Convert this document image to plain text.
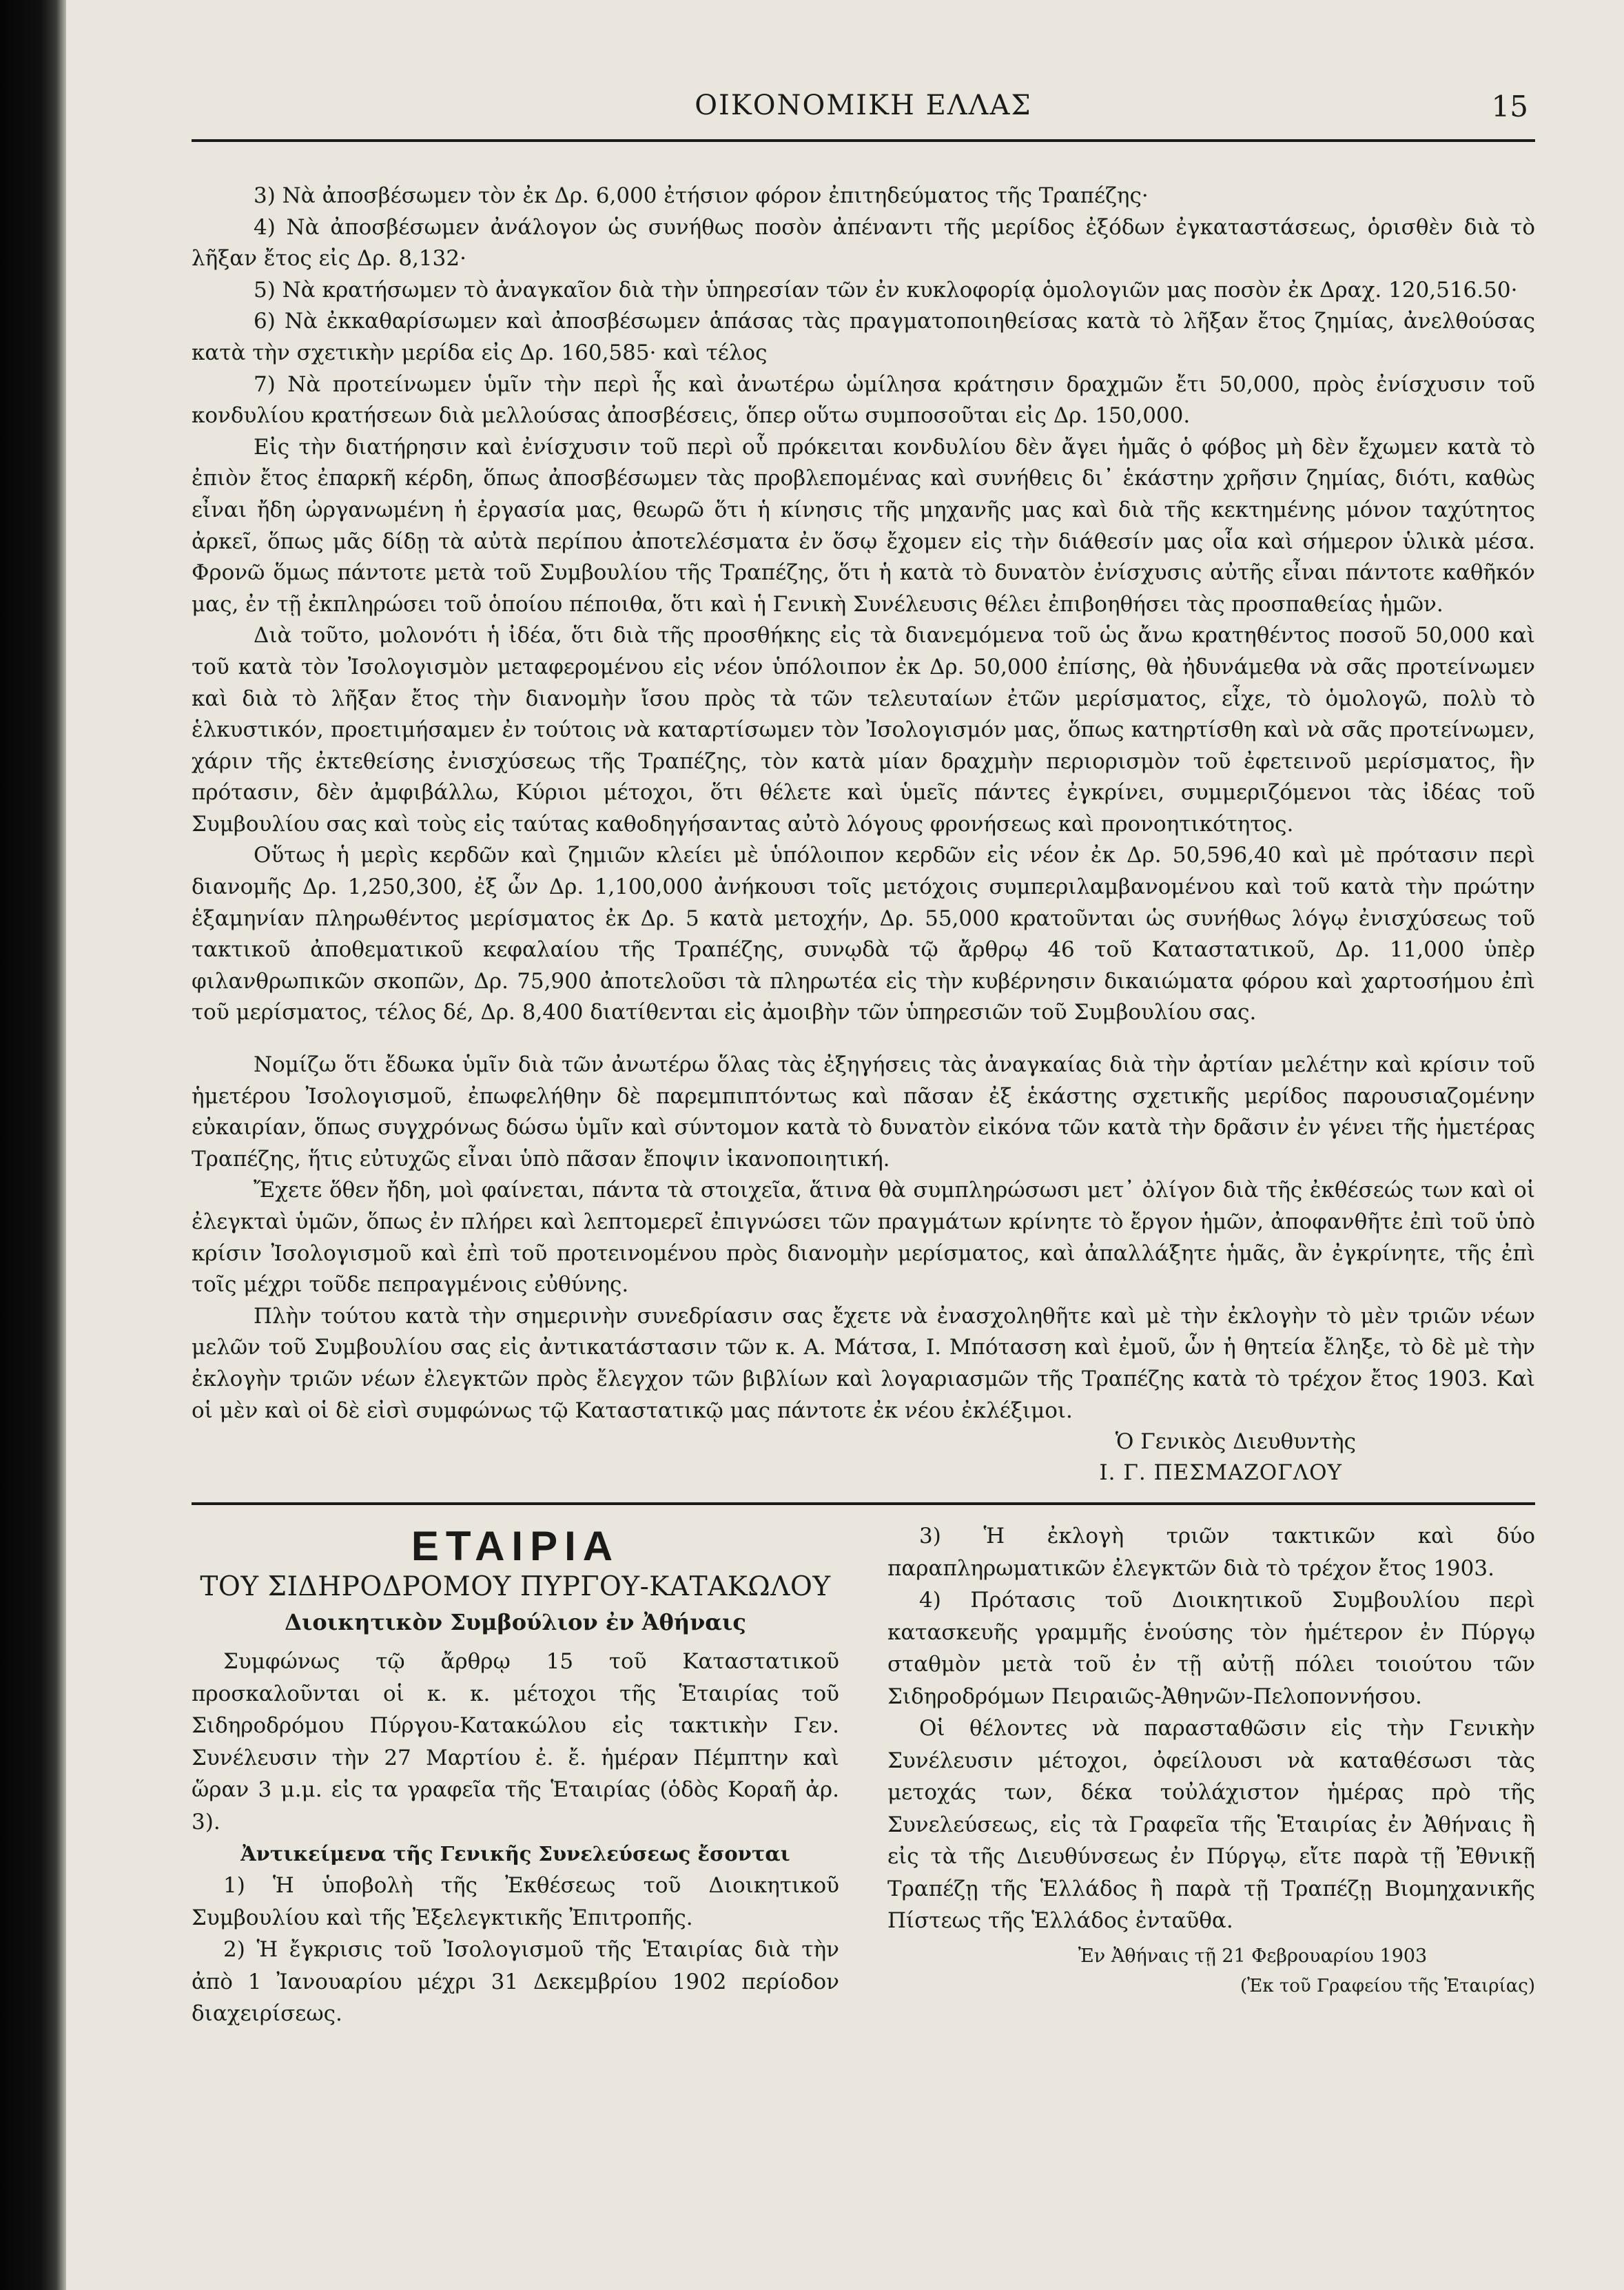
ΟΙΚΟΝΟΜΙΚΗ ΕΛΛΑΣ	15

3) Νὰ ἀποσβέσωμεν τὸν ἐκ Δρ. 6,000 ἐτήσιον φόρον ἐπιτηδεύματος τῆς Τραπέζης·

4) Νὰ ἀποσβέσωμεν ἀνάλογον ὡς συνήθως ποσὸν ἀπέναντι τῆς μερίδος ἐξόδων ἐγκαταστάσεως, ὁρισθὲν διὰ τὸ λῆξαν ἔτος εἰς Δρ. 8,132·

5) Νὰ κρατήσωμεν τὸ ἀναγκαῖον διὰ τὴν ὑπηρεσίαν τῶν ἐν κυκλοφορίᾳ ὁμολογιῶν μας ποσὸν ἐκ Δραχ. 120,516.50·

6) Νὰ ἐκκαθαρίσωμεν καὶ ἀποσβέσωμεν ἁπάσας τὰς πραγματοποιηθείσας κατὰ τὸ λῆξαν ἔτος ζημίας, ἀνελθούσας κατὰ τὴν σχετικὴν μερίδα εἰς Δρ. 160,585· καὶ τέλος

7) Νὰ προτείνωμεν ὑμῖν τὴν περὶ ἧς καὶ ἀνωτέρω ὡμίλησα κράτησιν δραχμῶν ἔτι 50,000, πρὸς ἐνίσχυσιν τοῦ κονδυλίου κρατήσεων διὰ μελλούσας ἀποσβέσεις, ὅπερ οὕτω συμποσοῦται εἰς Δρ. 150,000.

Εἰς τὴν διατήρησιν καὶ ἐνίσχυσιν τοῦ περὶ οὗ πρόκειται κονδυλίου δὲν ἄγει ἡμᾶς ὁ φόβος μὴ δὲν ἔχωμεν κατὰ τὸ ἐπιὸν ἔτος ἐπαρκῆ κέρδη, ὅπως ἀποσβέσωμεν τὰς προβλεπομένας καὶ συνήθεις δι᾽ ἑκάστην χρῆσιν ζημίας, διότι, καθὼς εἶναι ἤδη ὠργανωμένη ἡ ἐργασία μας, θεωρῶ ὅτι ἡ κίνησις τῆς μηχανῆς μας καὶ διὰ τῆς κεκτημένης μόνον ταχύτητος ἀρκεῖ, ὅπως μᾶς δίδῃ τὰ αὐτὰ περίπου ἀποτελέσματα ἐν ὅσῳ ἔχομεν εἰς τὴν διάθεσίν μας οἷα καὶ σήμερον ὑλικὰ μέσα. Φρονῶ ὅμως πάντοτε μετὰ τοῦ Συμβουλίου τῆς Τραπέζης, ὅτι ἡ κατὰ τὸ δυνατὸν ἐνίσχυσις αὐτῆς εἶναι πάντοτε καθῆκόν μας, ἐν τῇ ἐκπληρώσει τοῦ ὁποίου πέποιθα, ὅτι καὶ ἡ Γενικὴ Συνέλευσις θέλει ἐπιβοηθήσει τὰς προσπαθείας ἡμῶν.

Διὰ τοῦτο, μολονότι ἡ ἰδέα, ὅτι διὰ τῆς προσθήκης εἰς τὰ διανεμόμενα τοῦ ὡς ἄνω κρατηθέντος ποσοῦ 50,000 καὶ τοῦ κατὰ τὸν Ἰσολογισμὸν μεταφερομένου εἰς νέον ὑπόλοιπον ἐκ Δρ. 50,000 ἐπίσης, θὰ ἠδυνάμεθα νὰ σᾶς προτείνωμεν καὶ διὰ τὸ λῆξαν ἔτος τὴν διανομὴν ἴσου πρὸς τὰ τῶν τελευταίων ἐτῶν μερίσματος, εἶχε, τὸ ὁμολογῶ, πολὺ τὸ ἑλκυστικόν, προετιμήσαμεν ἐν τούτοις νὰ καταρτίσωμεν τὸν Ἰσολογισμόν μας, ὅπως κατηρτίσθη καὶ νὰ σᾶς προτείνωμεν, χάριν τῆς ἐκτεθείσης ἐνισχύσεως τῆς Τραπέζης, τὸν κατὰ μίαν δραχμὴν περιορισμὸν τοῦ ἐφετεινοῦ μερίσματος, ἣν πρότασιν, δὲν ἀμφιβάλλω, Κύριοι μέτοχοι, ὅτι θέλετε καὶ ὑμεῖς πάντες ἐγκρίνει, συμμεριζόμενοι τὰς ἰδέας τοῦ Συμβουλίου σας καὶ τοὺς εἰς ταύτας καθοδηγήσαντας αὐτὸ λόγους φρονήσεως καὶ προνοητικότητος.

Οὕτως ἡ μερὶς κερδῶν καὶ ζημιῶν κλείει μὲ ὑπόλοιπον κερδῶν εἰς νέον ἐκ Δρ. 50,596,40 καὶ μὲ πρότασιν περὶ διανομῆς Δρ. 1,250,300, ἐξ ὧν Δρ. 1,100,000 ἀνήκουσι τοῖς μετόχοις συμπεριλαμβανομένου καὶ τοῦ κατὰ τὴν πρώτην ἑξαμηνίαν πληρωθέντος μερίσματος ἐκ Δρ. 5 κατὰ μετοχήν, Δρ. 55,000 κρατοῦνται ὡς συνήθως λόγῳ ἐνισχύσεως τοῦ τακτικοῦ ἀποθεματικοῦ κεφαλαίου τῆς Τραπέζης, συνῳδὰ τῷ ἄρθρῳ 46 τοῦ Καταστατικοῦ, Δρ. 11,000 ὑπὲρ φιλανθρωπικῶν σκοπῶν, Δρ. 75,900 ἀποτελοῦσι τὰ πληρωτέα εἰς τὴν κυβέρνησιν δικαιώματα φόρου καὶ χαρτοσήμου ἐπὶ τοῦ μερίσματος, τέλος δέ, Δρ. 8,400 διατίθενται εἰς ἀμοιβὴν τῶν ὑπηρεσιῶν τοῦ Συμβουλίου σας.

Νομίζω ὅτι ἔδωκα ὑμῖν διὰ τῶν ἀνωτέρω ὅλας τὰς ἐξηγήσεις τὰς ἀναγκαίας διὰ τὴν ἀρτίαν μελέτην καὶ κρίσιν τοῦ ἡμετέρου Ἰσολογισμοῦ, ἐπωφελήθην δὲ παρεμπιπτόντως καὶ πᾶσαν ἐξ ἑκάστης σχετικῆς μερίδος παρουσιαζομένην εὐκαιρίαν, ὅπως συγχρόνως δώσω ὑμῖν καὶ σύντομον κατὰ τὸ δυνατὸν εἰκόνα τῶν κατὰ τὴν δρᾶσιν ἐν γένει τῆς ἡμετέρας Τραπέζης, ἥτις εὐτυχῶς εἶναι ὑπὸ πᾶσαν ἔποψιν ἱκανοποιητική.

Ἔχετε ὅθεν ἤδη, μοὶ φαίνεται, πάντα τὰ στοιχεῖα, ἅτινα θὰ συμπληρώσωσι μετ᾽ ὀλίγον διὰ τῆς ἐκθέσεώς των καὶ οἱ ἐλεγκταὶ ὑμῶν, ὅπως ἐν πλήρει καὶ λεπτομερεῖ ἐπιγνώσει τῶν πραγμάτων κρίνητε τὸ ἔργον ἡμῶν, ἀποφανθῆτε ἐπὶ τοῦ ὑπὸ κρίσιν Ἰσολογισμοῦ καὶ ἐπὶ τοῦ προτεινομένου πρὸς διανομὴν μερίσματος, καὶ ἀπαλλάξητε ἡμᾶς, ἂν ἐγκρίνητε, τῆς ἐπὶ τοῖς μέχρι τοῦδε πεπραγμένοις εὐθύνης.

Πλὴν τούτου κατὰ τὴν σημερινὴν συνεδρίασιν σας ἔχετε νὰ ἐνασχοληθῆτε καὶ μὲ τὴν ἐκλογὴν τὸ μὲν τριῶν νέων μελῶν τοῦ Συμβουλίου σας εἰς ἀντικατάστασιν τῶν κ. Α. Μάτσα, Ι. Μπότασση καὶ ἐμοῦ, ὧν ἡ θητεία ἔληξε, τὸ δὲ μὲ τὴν ἐκλογὴν τριῶν νέων ἐλεγκτῶν πρὸς ἔλεγχον τῶν βιβλίων καὶ λογαριασμῶν τῆς Τραπέζης κατὰ τὸ τρέχον ἔτος 1903. Καὶ οἱ μὲν καὶ οἱ δὲ εἰσὶ συμφώνως τῷ Καταστατικῷ μας πάντοτε ἐκ νέου ἐκλέξιμοι.

Ὁ Γενικὸς Διευθυντὴς
Ι. Γ. ΠΕΣΜΑΖΟΓΛΟΥ
ΕΤΑΙΡΙΑ
ΤΟΥ ΣΙΔΗΡΟΔΡΟΜΟΥ ΠΥΡΓΟΥ-ΚΑΤΑΚΩΛΟΥ
Διοικητικὸν Συμβούλιον ἐν Ἀθήναις

Συμφώνως τῷ ἄρθρῳ 15 τοῦ Καταστατικοῦ προσκαλοῦνται οἱ κ. κ. μέτοχοι τῆς Ἑταιρίας τοῦ Σιδηροδρόμου Πύργου-Κατακώλου εἰς τακτικὴν Γεν. Συνέλευσιν τὴν 27 Μαρτίου ἐ. ἔ. ἡμέραν Πέμπτην καὶ ὥραν 3 μ.μ. εἰς τα γραφεῖα τῆς Ἑταιρίας (ὁδὸς Κοραῆ ἀρ. 3).

Ἀντικείμενα τῆς Γενικῆς Συνελεύσεως ἔσονται

1) Ἡ ὑποβολὴ τῆς Ἐκθέσεως τοῦ Διοικητικοῦ Συμβουλίου καὶ τῆς Ἐξελεγκτικῆς Ἐπιτροπῆς.

2) Ἡ ἔγκρισις τοῦ Ἰσολογισμοῦ τῆς Ἑταιρίας διὰ τὴν ἀπὸ 1 Ἰανουαρίου μέχρι 31 Δεκεμβρίου 1902 περίοδον διαχειρίσεως.

3) Ἡ ἐκλογὴ τριῶν τακτικῶν καὶ δύο παραπληρωματικῶν ἐλεγκτῶν διὰ τὸ τρέχον ἔτος 1903.

4) Πρότασις τοῦ Διοικητικοῦ Συμβουλίου περὶ κατασκευῆς γραμμῆς ἑνούσης τὸν ἡμέτερον ἐν Πύργῳ σταθμὸν μετὰ τοῦ ἐν τῇ αὐτῇ πόλει τοιούτου τῶν Σιδηροδρόμων Πειραιῶς-Ἀθηνῶν-Πελοποννήσου.

Οἱ θέλοντες νὰ παρασταθῶσιν εἰς τὴν Γενικὴν Συνέλευσιν μέτοχοι, ὀφείλουσι νὰ καταθέσωσι τὰς μετοχάς των, δέκα τοὐλάχιστον ἡμέρας πρὸ τῆς Συνελεύσεως, εἰς τὰ Γραφεῖα τῆς Ἑταιρίας ἐν Ἀθήναις ἢ εἰς τὰ τῆς Διευθύνσεως ἐν Πύργῳ, εἴτε παρὰ τῇ Ἐθνικῇ Τραπέζῃ τῆς Ἑλλάδος ἢ παρὰ τῇ Τραπέζῃ Βιομηχανικῆς Πίστεως τῆς Ἑλλάδος ἐνταῦθα.

Ἐν Ἀθήναις τῇ 21 Φεβρουαρίου 1903
(Ἐκ τοῦ Γραφείου τῆς Ἑταιρίας)
